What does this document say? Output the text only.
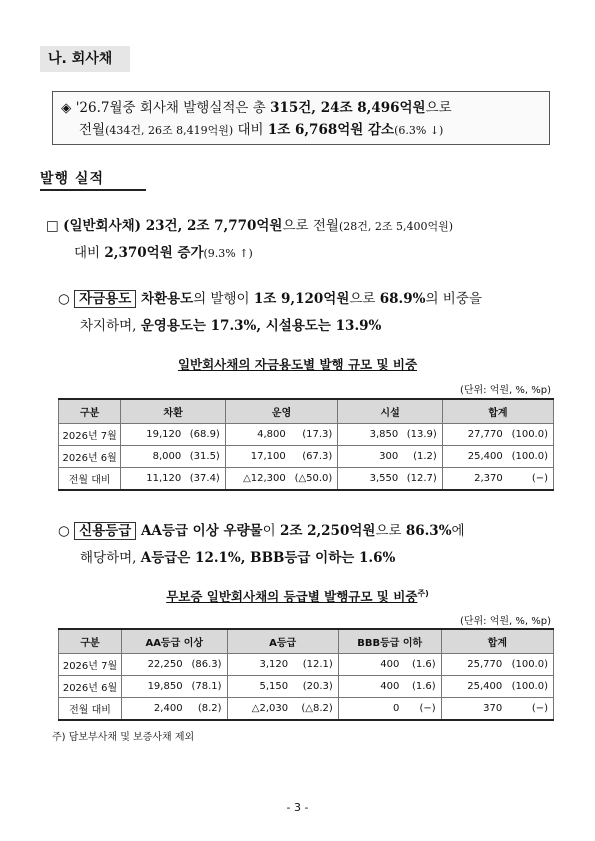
나. 회사채
◈ '26.7월중 회사채 발행실적은 총 315건, 24조 8,496억원으로
전월(434건, 26조 8,419억원) 대비 1조 6,768억원 감소(6.3% ↓)
발행 실적
□ (일반회사채) 23건, 2조 7,770억원으로 전월(28건, 2조 5,400억원)
대비 2,370억원 증가(9.3% ↑)
○ 자금용도 차환용도의 발행이 1조 9,120억원으로 68.9%의 비중을
차지하며, 운영용도는 17.3%, 시설용도는 13.9%
일반회사채의 자금용도별 발행 규모 및 비중
(단위: 억원, %, %p)
구분	차환		운영		시설		합계	
2026년 7월	19,120	(68.9)	4,800	(17.3)	3,850	(13.9)	27,770	(100.0)
2026년 6월	8,000	(31.5)	17,100	(67.3)	300	(1.2)	25,400	(100.0)
전월 대비	11,120	(37.4)	△12,300	(△50.0)	3,550	(12.7)	2,370	(−)
○ 신용등급 AA등급 이상 우량물이 2조 2,250억원으로 86.3%에
해당하며, A등급은 12.1%, BBB등급 이하는 1.6%
무보증 일반회사채의 등급별 발행규모 및 비중$^{주)}$
(단위: 억원, %, %p)
구분	AA등급 이상		A등급		BBB등급 이하		합계	
2026년 7월	22,250	(86.3)	3,120	(12.1)	400	(1.6)	25,770	(100.0)
2026년 6월	19,850	(78.1)	5,150	(20.3)	400	(1.6)	25,400	(100.0)
전월 대비	2,400	(8.2)	△2,030	(△8.2)	0	(−)	370	(−)
주) 담보부사채 및 보증사채 제외
- 3 -
